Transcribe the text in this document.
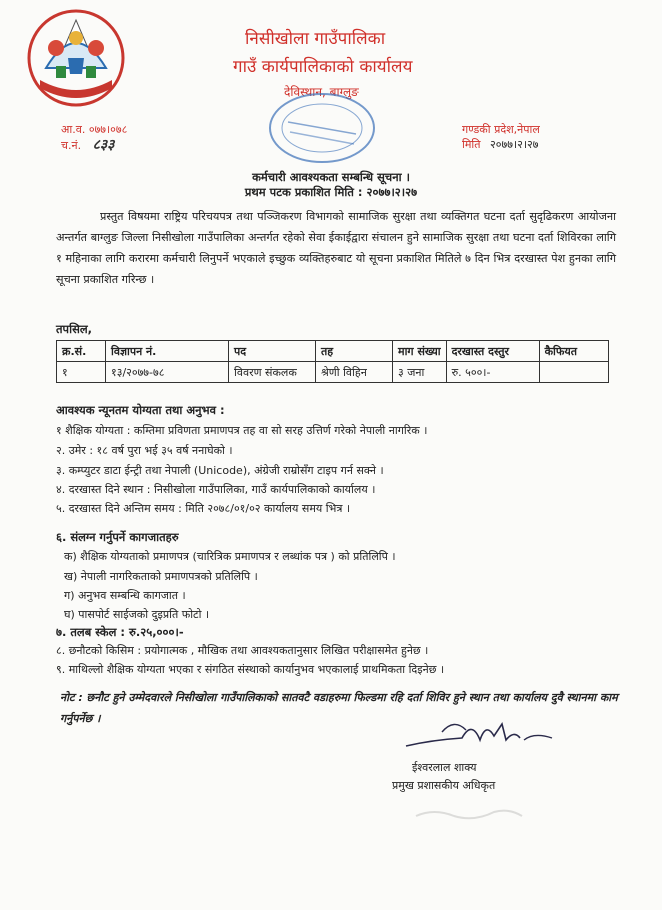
निसीखोला गाउँपालिका
गाउँ कार्यपालिकाको कार्यालय
देविस्थान, बाग्लुङ
आ.व. ०७७।०७८
च.नं. ८३३
गण्डकी प्रदेश,नेपाल
मिति २०७७।२।२७
कर्मचारी आवश्यकता सम्बन्धि सूचना ।
प्रथम पटक प्रकाशित मिति : २०७७।२।२७
प्रस्तुत विषयमा राष्ट्रिय परिचयपत्र तथा पञ्जिकरण विभागको सामाजिक सुरक्षा तथा व्यक्तिगत घटना दर्ता सुदृढिकरण आयोजना अन्तर्गत बाग्लुङ जिल्ला निसीखोला गाउँपालिका अन्तर्गत रहेको सेवा ईकाईद्वारा संचालन हुने सामाजिक सुरक्षा तथा घटना दर्ता शिविरका लागि १ महिनाका लागि करारमा कर्मचारी लिनुपर्ने भएकाले इच्छुक व्यक्तिहरुबाट यो सूचना प्रकाशित मितिले ७ दिन भित्र दरखास्त पेश हुनका लागि सूचना प्रकाशित गरिन्छ ।
तपसिल,
क्र.सं.	विज्ञापन नं.	पद	तह	माग संख्या	दरखास्त दस्तुर	कैफियत
१	१३/२०७७-७८	विवरण संकलक	श्रेणी विहिन	३ जना	रु. ५००।-	
आवश्यक न्यूनतम योग्यता तथा अनुभव :
१ शैक्षिक योग्यता : कम्तिमा प्रविणता प्रमाणपत्र तह वा सो सरह उत्तिर्ण गरेको नेपाली नागरिक ।
२. उमेर : १८ वर्ष पुरा भई ३५ वर्ष ननाघेको ।
३. कम्प्युटर डाटा ईन्ट्री तथा नेपाली (Unicode), अंग्रेजी राम्रोसँग टाइप गर्न सक्ने ।
४. दरखास्त दिने स्थान : निसीखोला गाउँपालिका, गाउँ कार्यपालिकाको कार्यालय ।
५. दरखास्त दिने अन्तिम समय : मिति २०७८/०१/०२ कार्यालय समय भित्र ।
६. संलग्न गर्नुपर्ने कागजातहरु
क) शैक्षिक योग्यताको प्रमाणपत्र (चारित्रिक प्रमाणपत्र र लब्धांक पत्र ) को प्रतिलिपि ।
ख) नेपाली नागरिकताको प्रमाणपत्रको प्रतिलिपि ।
ग) अनुभव सम्बन्धि कागजात ।
घ) पासपोर्ट साईजको दुइप्रति फोटो ।
७. तलब स्केल : रु.२५,०००।-
८. छनौटको किसिम : प्रयोगात्मक , मौखिक तथा आवश्यकतानुसार लिखित परीक्षासमेत हुनेछ ।
९. माथिल्लो शैक्षिक योग्यता भएका र संगठित संस्थाको कार्यानुभव भएकालाई प्राथमिकता दिइनेछ ।
नोट : छनौट हुने उम्मेदवारले निसीखोला गाउँपालिकाको सातवटै वडाहरुमा फिल्डमा रहि दर्ता शिविर हुने स्थान तथा कार्यालय दुवै स्थानमा काम गर्नुपर्नेछ ।
ईश्वरलाल शाक्य
प्रमुख प्रशासकीय अधिकृत
